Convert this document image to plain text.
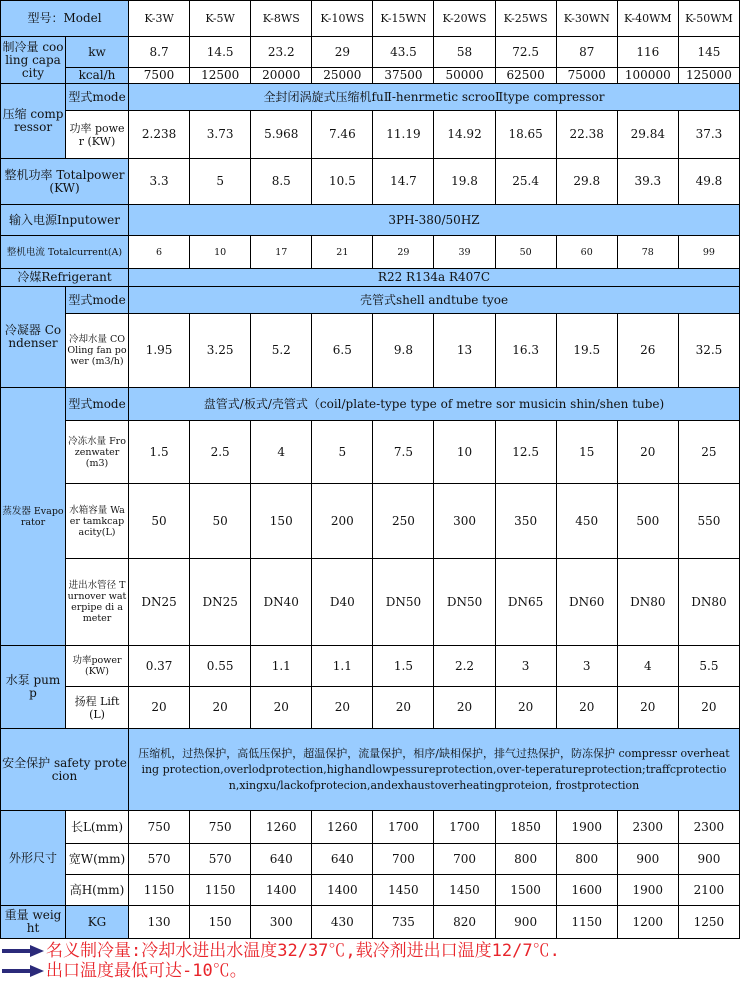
型号：Model		K-3W	K-5W	K-8WS	K-10WS	K-15WN	K-20WS	K-25WS	K-30WN	K-40WM	K-50WM
制冷量 cooling capacity	kw	8.7	14.5	23.2	29	43.5	58	72.5	87	116	145
	kcal/h	7500	12500	20000	25000	37500	50000	62500	75000	100000	125000
压缩 comp ressor	型式mode	全封闭涡旋式压缩机fuⅡ-henrmetic scrooⅡtype compressor									
	功率 power (KW)	2.238	3.73	5.968	7.46	11.19	14.92	18.65	22.38	29.84	37.3
整机功率 Totalpower (KW)		3.3	5	8.5	10.5	14.7	19.8	25.4	29.8	39.3	49.8
输入电源Inputower		3PH-380/50HZ									
整机电流 Totalcurrent(A)		6	10	17	21	29	39	50	60	78	99
冷媒Refrigerant		R22 R134a R407C									
冷凝器 Condenser	型式mode	壳管式shell andtube tyoe									
	冷却水量 COOling fan power (m3/h)	1.95	3.25	5.2	6.5	9.8	13	16.3	19.5	26	32.5
蒸发器 Evaporator	型式mode	盘管式/板式/壳管式（coil/plate-type type of metre sor musicin shin/shen tube)									
	冷冻水量 Frozenwater (m3)	1.5	2.5	4	5	7.5	10	12.5	15	20	25
	水箱容量 Waer tamkcapacity(L)	50	50	150	200	250	300	350	450	500	550
	进出水管径 Turnover waterpipe di ameter	DN25	DN25	DN40	D40	DN50	DN50	DN65	DN60	DN80	DN80
水泵 pump	功率power (KW)	0.37	0.55	1.1	1.1	1.5	2.2	3	3	4	5.5
	扬程 Lift(L)	20	20	20	20	20	20	20	20	20	20
安全保护 safety protecion		压缩机，过热保护，高低压保护，超温保护，流量保护，相序/缺相保护，排气过热保护，防冻保护 compressr overheating protection,overlodprotection,highandlowpessureprotection,over-teperatureprotection;traffcprotection,xingxu/lackofprotecion,andexhaustoverheatingproteion, frostprotection									
外形尺寸	长L(mm)	750	750	1260	1260	1700	1700	1850	1900	2300	2300
	宽W(mm)	570	570	640	640	700	700	800	800	900	900
	高H(mm)	1150	1150	1400	1400	1450	1450	1500	1600	1900	2100
重量 weight	KG	130	150	300	430	735	820	900	1150	1200	1250
名义制冷量:冷却水进出水温度32/37℃,载冷剂进出口温度12/7℃.
出口温度最低可达-10℃。
